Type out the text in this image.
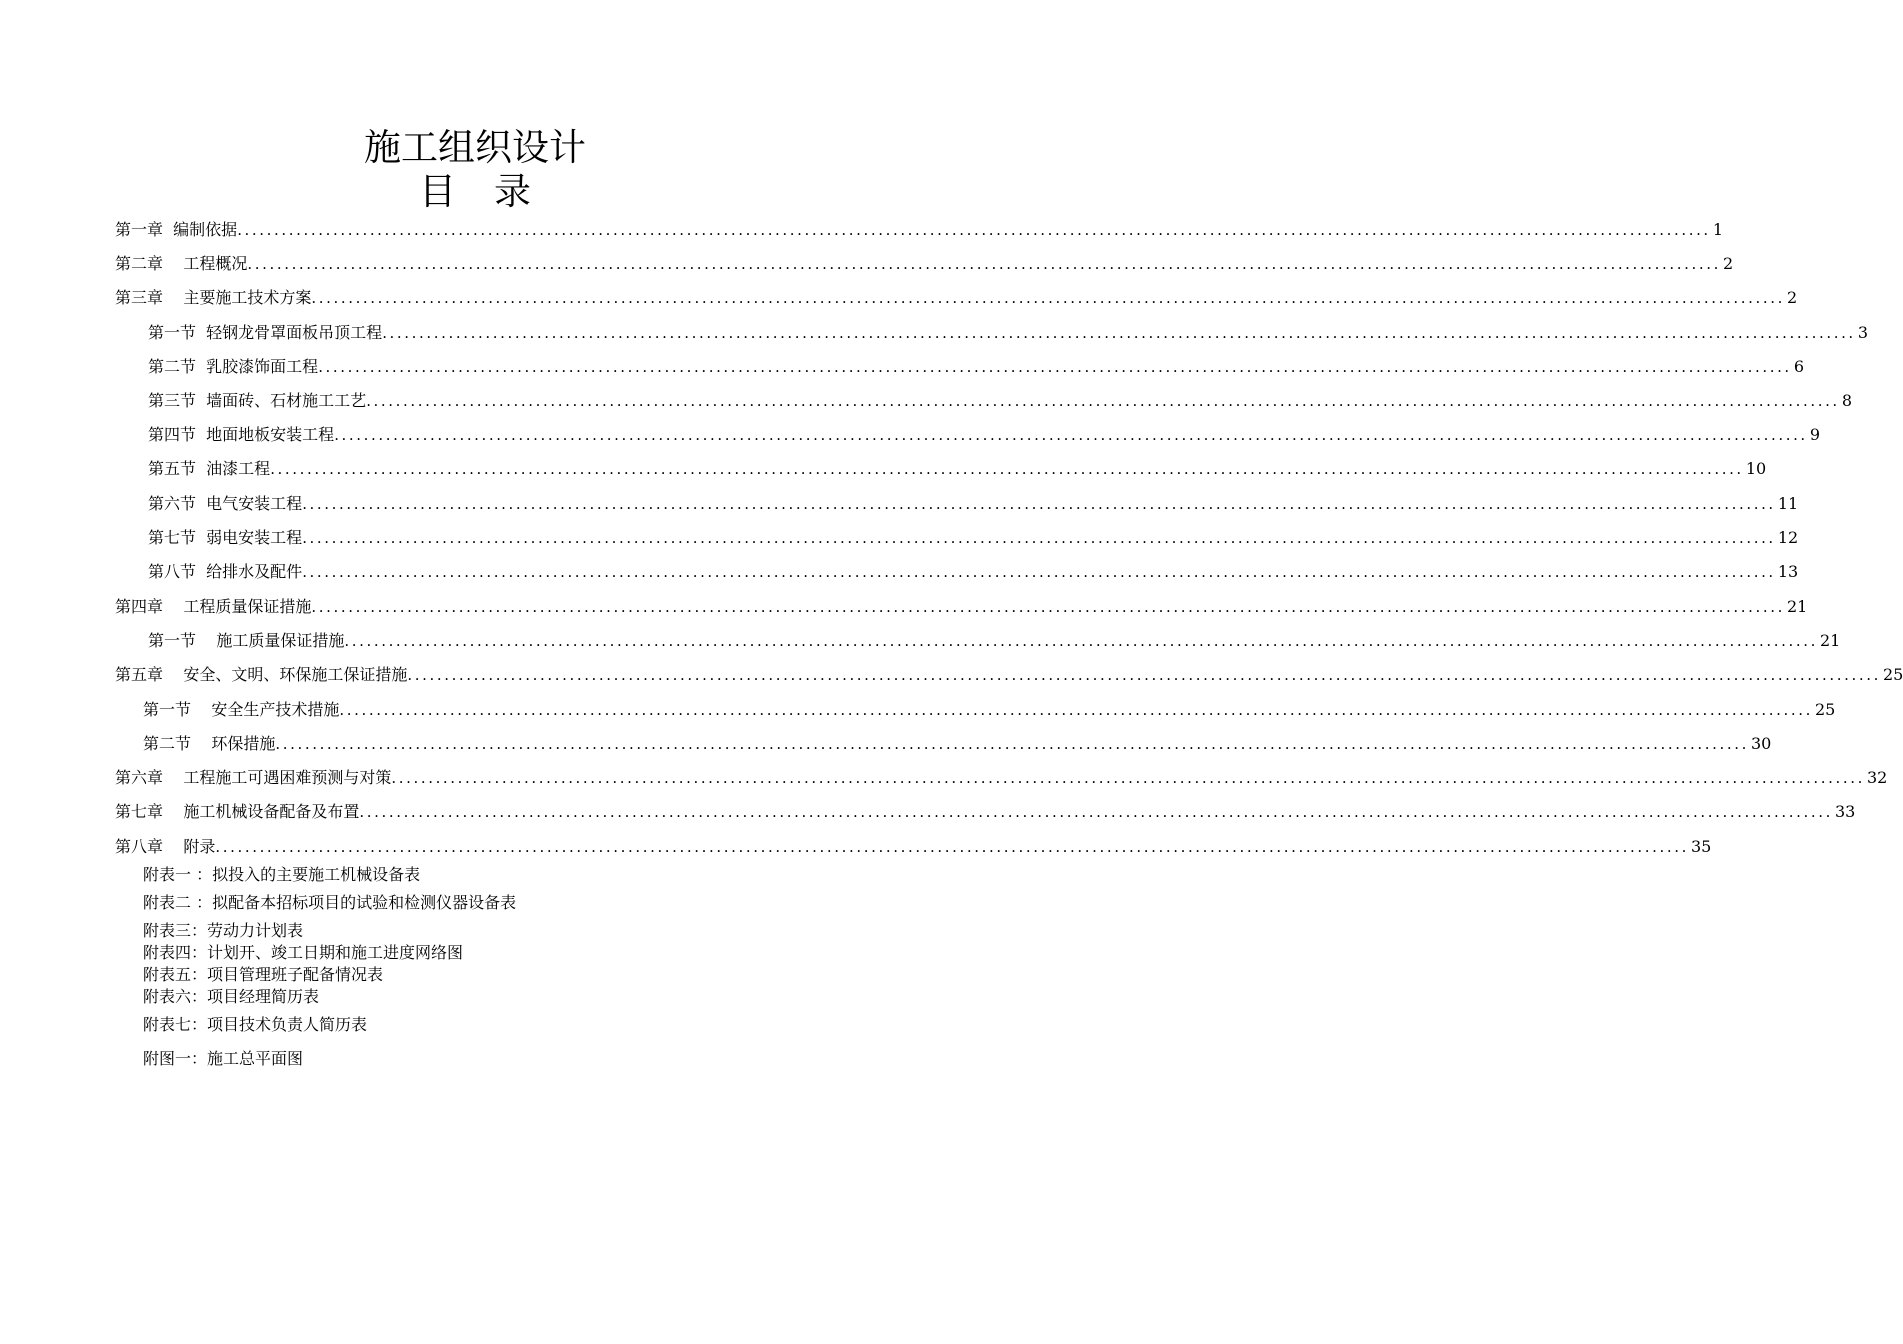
施工组织设计
目录
第一章  编制依据 ........................................................................................................................................................................................................ 1
第二章    工程概况 ........................................................................................................................................................................................................ 2
第三章    主要施工技术方案 ........................................................................................................................................................................................................ 2
第一节  轻钢龙骨罩面板吊顶工程 ........................................................................................................................................................................................................ 3
第二节  乳胶漆饰面工程 ........................................................................................................................................................................................................ 6
第三节  墙面砖、石材施工工艺 ........................................................................................................................................................................................................ 8
第四节  地面地板安装工程 ........................................................................................................................................................................................................ 9
第五节  油漆工程 ........................................................................................................................................................................................................ 10
第六节  电气安装工程 ........................................................................................................................................................................................................ 11
第七节  弱电安装工程 ........................................................................................................................................................................................................ 12
第八节  给排水及配件 ........................................................................................................................................................................................................ 13
第四章    工程质量保证措施 ........................................................................................................................................................................................................ 21
第一节    施工质量保证措施 ........................................................................................................................................................................................................ 21
第五章    安全、文明、环保施工保证措施 ........................................................................................................................................................................................................ 25
第一节    安全生产技术措施 ........................................................................................................................................................................................................ 25
第二节    环保措施 ........................................................................................................................................................................................................ 30
第六章    工程施工可遇困难预测与对策 ........................................................................................................................................................................................................ 32
第七章    施工机械设备配备及布置 ........................................................................................................................................................................................................ 33
第八章    附录 ........................................................................................................................................................................................................ 35
附表一 ：拟投入的主要施工机械设备表
附表二 ：拟配备本招标项目的试验和检测仪器设备表
附表三：劳动力计划表
附表四：计划开、竣工日期和施工进度网络图
附表五：项目管理班子配备情况表
附表六：项目经理简历表
附表七：项目技术负责人简历表
附图一：施工总平面图
